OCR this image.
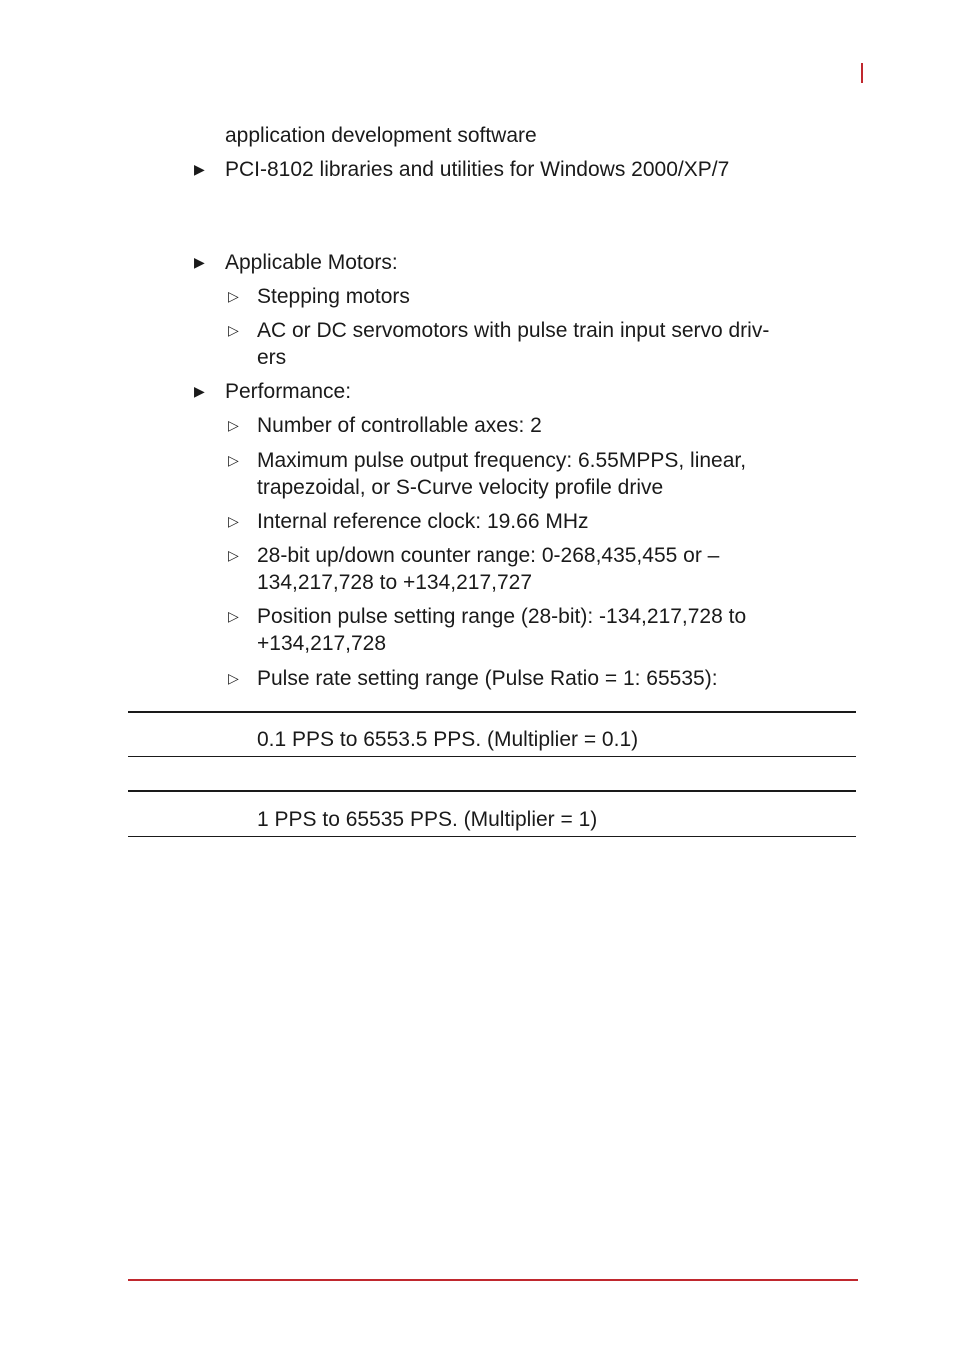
application development software
▶ PCI-8102 libraries and utilities for Windows 2000/XP/7
▶ Applicable Motors:
▷ Stepping motors
▷ AC or DC servomotors with pulse train input servo driv-
ers
▶ Performance:
▷ Number of controllable axes: 2
▷ Maximum pulse output frequency: 6.55MPPS, linear,
trapezoidal, or S-Curve velocity profile drive
▷ Internal reference clock: 19.66 MHz
▷ 28-bit up/down counter range: 0-268,435,455 or –
134,217,728 to +134,217,727
▷ Position pulse setting range (28-bit): -134,217,728 to
+134,217,728
▷ Pulse rate setting range (Pulse Ratio = 1: 65535):
0.1 PPS to 6553.5 PPS. (Multiplier = 0.1)
1 PPS to 65535 PPS. (Multiplier = 1)
